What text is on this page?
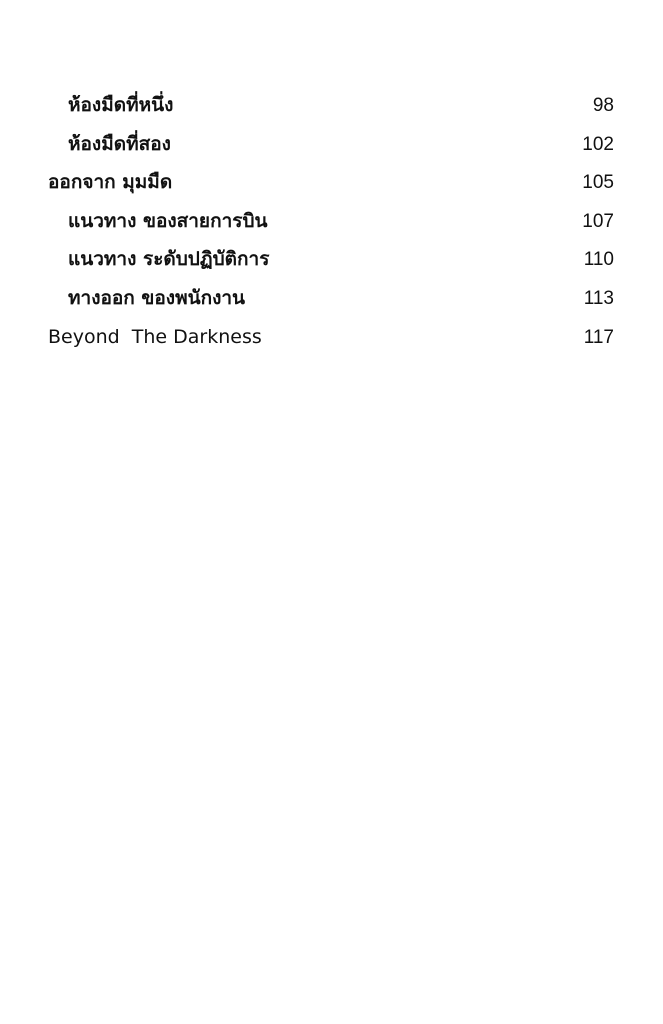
ห้องมืดที่หนึ่ง	98
ห้องมืดที่สอง	102
ออกจาก มุมมืด	105
แนวทาง ของสายการบิน	107
แนวทาง ระดับปฏิบัติการ	110
ทางออก ของพนักงาน	113
Beyond  The Darkness	117
